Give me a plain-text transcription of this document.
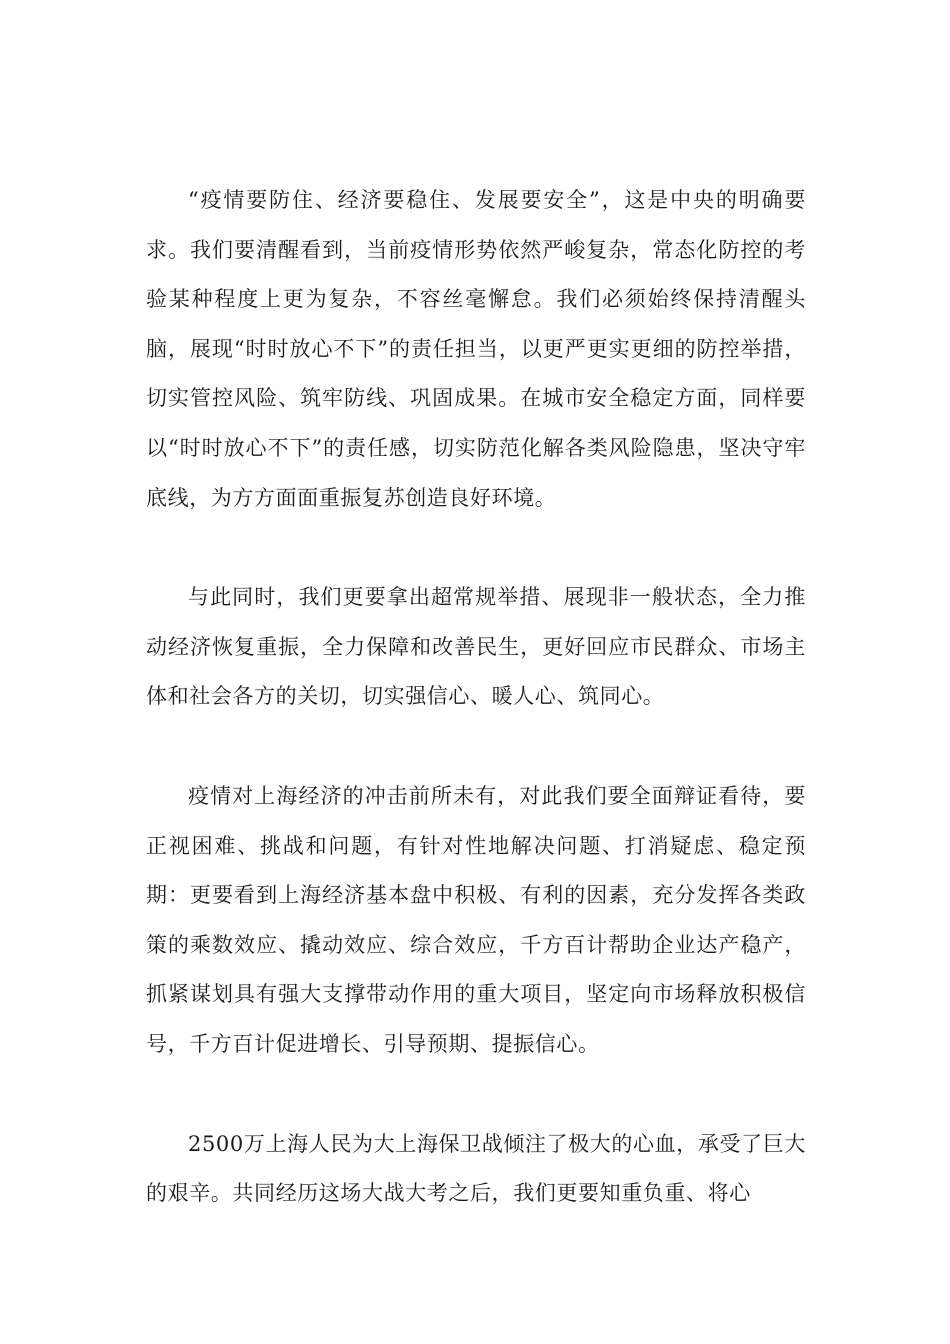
“疫情要防住、经济要稳住、发展要安全”，这是中央的明确要求。我们要清醒看到，当前疫情形势依然严峻复杂，常态化防控的考验某种程度上更为复杂，不容丝毫懈怠。我们必须始终保持清醒头脑，展现“时时放心不下”的责任担当，以更严更实更细的防控举措，切实管控风险、筑牢防线、巩固成果。在城市安全稳定方面，同样要以“时时放心不下”的责任感，切实防范化解各类风险隐患，坚决守牢底线，为方方面面重振复苏创造良好环境。

与此同时，我们更要拿出超常规举措、展现非一般状态，全力推动经济恢复重振，全力保障和改善民生，更好回应市民群众、市场主体和社会各方的关切，切实强信心、暖人心、筑同心。

疫情对上海经济的冲击前所未有，对此我们要全面辩证看待，要正视困难、挑战和问题，有针对性地解决问题、打消疑虑、稳定预期：更要看到上海经济基本盘中积极、有利的因素，充分发挥各类政策的乘数效应、撬动效应、综合效应，千方百计帮助企业达产稳产，抓紧谋划具有强大支撑带动作用的重大项目，坚定向市场释放积极信号，千方百计促进增长、引导预期、提振信心。

2500万上海人民为大上海保卫战倾注了极大的心血，承受了巨大的艰辛。共同经历这场大战大考之后，我们更要知重负重、将心
